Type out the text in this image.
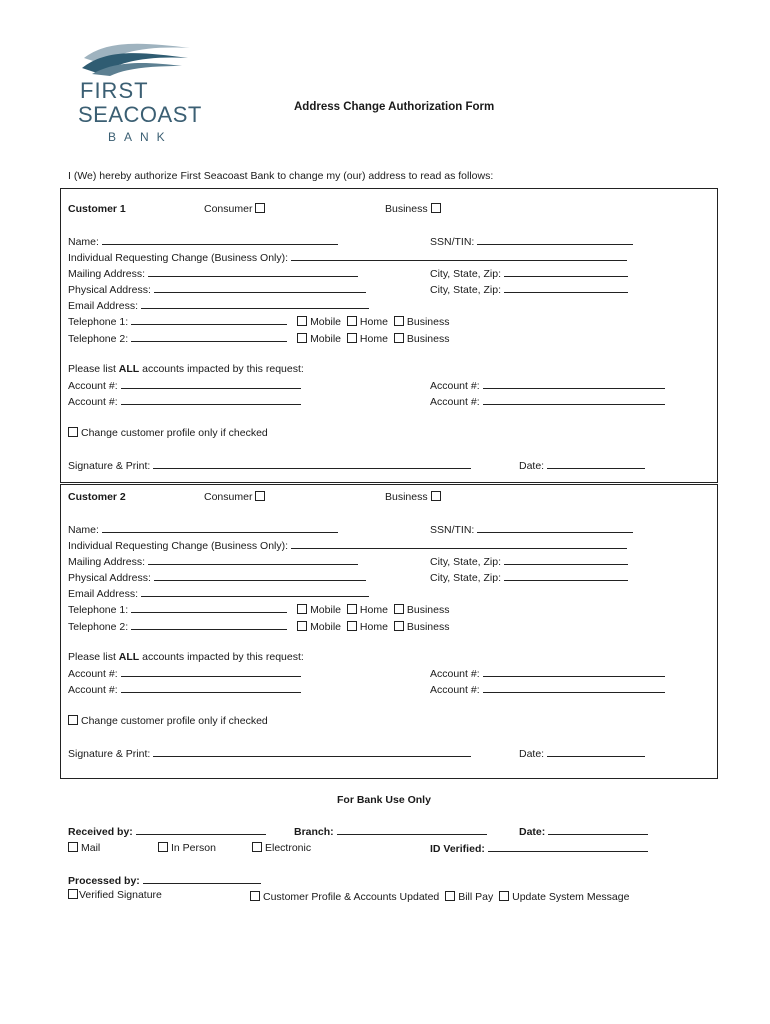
FIRST
SEACOAST
BANK
Address Change Authorization Form
I (We) hereby authorize First Seacoast Bank to change my (our) address to read as follows:
Customer 1	Consumer	Business
Name:	SSN/TIN:
Individual Requesting Change (Business Only):
Mailing Address:	City, State, Zip:
Physical Address:	City, State, Zip:
Email Address:
Telephone 1:	Mobile Home Business
Telephone 2:	Mobile Home Business
Please list ALL accounts impacted by this request:
Account #:	Account #:
Account #:	Account #:
Change customer profile only if checked
Signature & Print:	Date:
Customer 2	Consumer	Business
Name:	SSN/TIN:
Individual Requesting Change (Business Only):
Mailing Address:	City, State, Zip:
Physical Address:	City, State, Zip:
Email Address:
Telephone 1:	Mobile Home Business
Telephone 2:	Mobile Home Business
Please list ALL accounts impacted by this request:
Account #:	Account #:
Account #:	Account #:
Change customer profile only if checked
Signature & Print:	Date:
For Bank Use Only
Received by:	Branch:	Date:
Mail	In Person	Electronic	ID Verified:
Processed by:
Verified Signature	Customer Profile & Accounts Updated Bill Pay Update System Message
